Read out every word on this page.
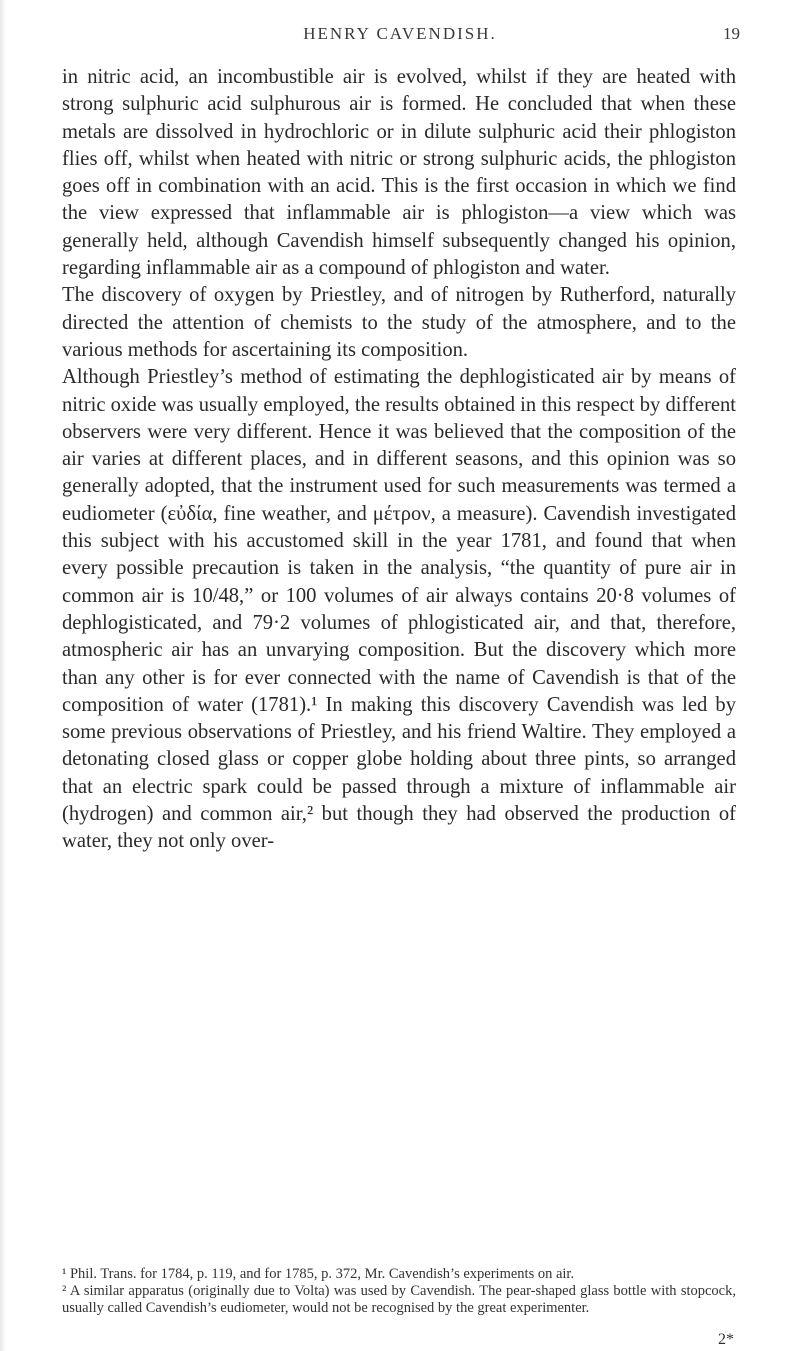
HENRY CAVENDISH.	19

in nitric acid, an incombustible air is evolved, whilst if they are heated with strong sulphuric acid sulphurous air is formed. He concluded that when these metals are dissolved in hydrochloric or in dilute sulphuric acid their phlogiston flies off, whilst when heated with nitric or strong sulphuric acids, the phlogiston goes off in combination with an acid. This is the first occasion in which we find the view expressed that inflammable air is phlogiston—a view which was generally held, although Cavendish himself subsequently changed his opinion, regarding inflammable air as a compound of phlogiston and water.

The discovery of oxygen by Priestley, and of nitrogen by Rutherford, naturally directed the attention of chemists to the study of the atmosphere, and to the various methods for ascertaining its composition.

Although Priestley’s method of estimating the dephlogisticated air by means of nitric oxide was usually employed, the results obtained in this respect by different observers were very different. Hence it was believed that the composition of the air varies at different places, and in different seasons, and this opinion was so generally adopted, that the instrument used for such measurements was termed a eudiometer (εὐδία, fine weather, and μέτρον, a measure). Cavendish investigated this subject with his accustomed skill in the year 1781, and found that when every possible precaution is taken in the analysis, “the quantity of pure air in common air is 10/48,” or 100 volumes of air always contains 20·8 volumes of dephlogisticated, and 79·2 volumes of phlogisticated air, and that, therefore, atmospheric air has an unvarying composition. But the discovery which more than any other is for ever connected with the name of Cavendish is that of the composition of water (1781).¹ In making this discovery Cavendish was led by some previous observations of Priestley, and his friend Waltire. They employed a detonating closed glass or copper globe holding about three pints, so arranged that an electric spark could be passed through a mixture of inflammable air (hydrogen) and common air,² but though they had observed the production of water, they not only over-

¹ Phil. Trans. for 1784, p. 119, and for 1785, p. 372, Mr. Cavendish’s experiments on air.

² A similar apparatus (originally due to Volta) was used by Cavendish. The pear-shaped glass bottle with stopcock, usually called Cavendish’s eudiometer, would not be recognised by the great experimenter.

2*
